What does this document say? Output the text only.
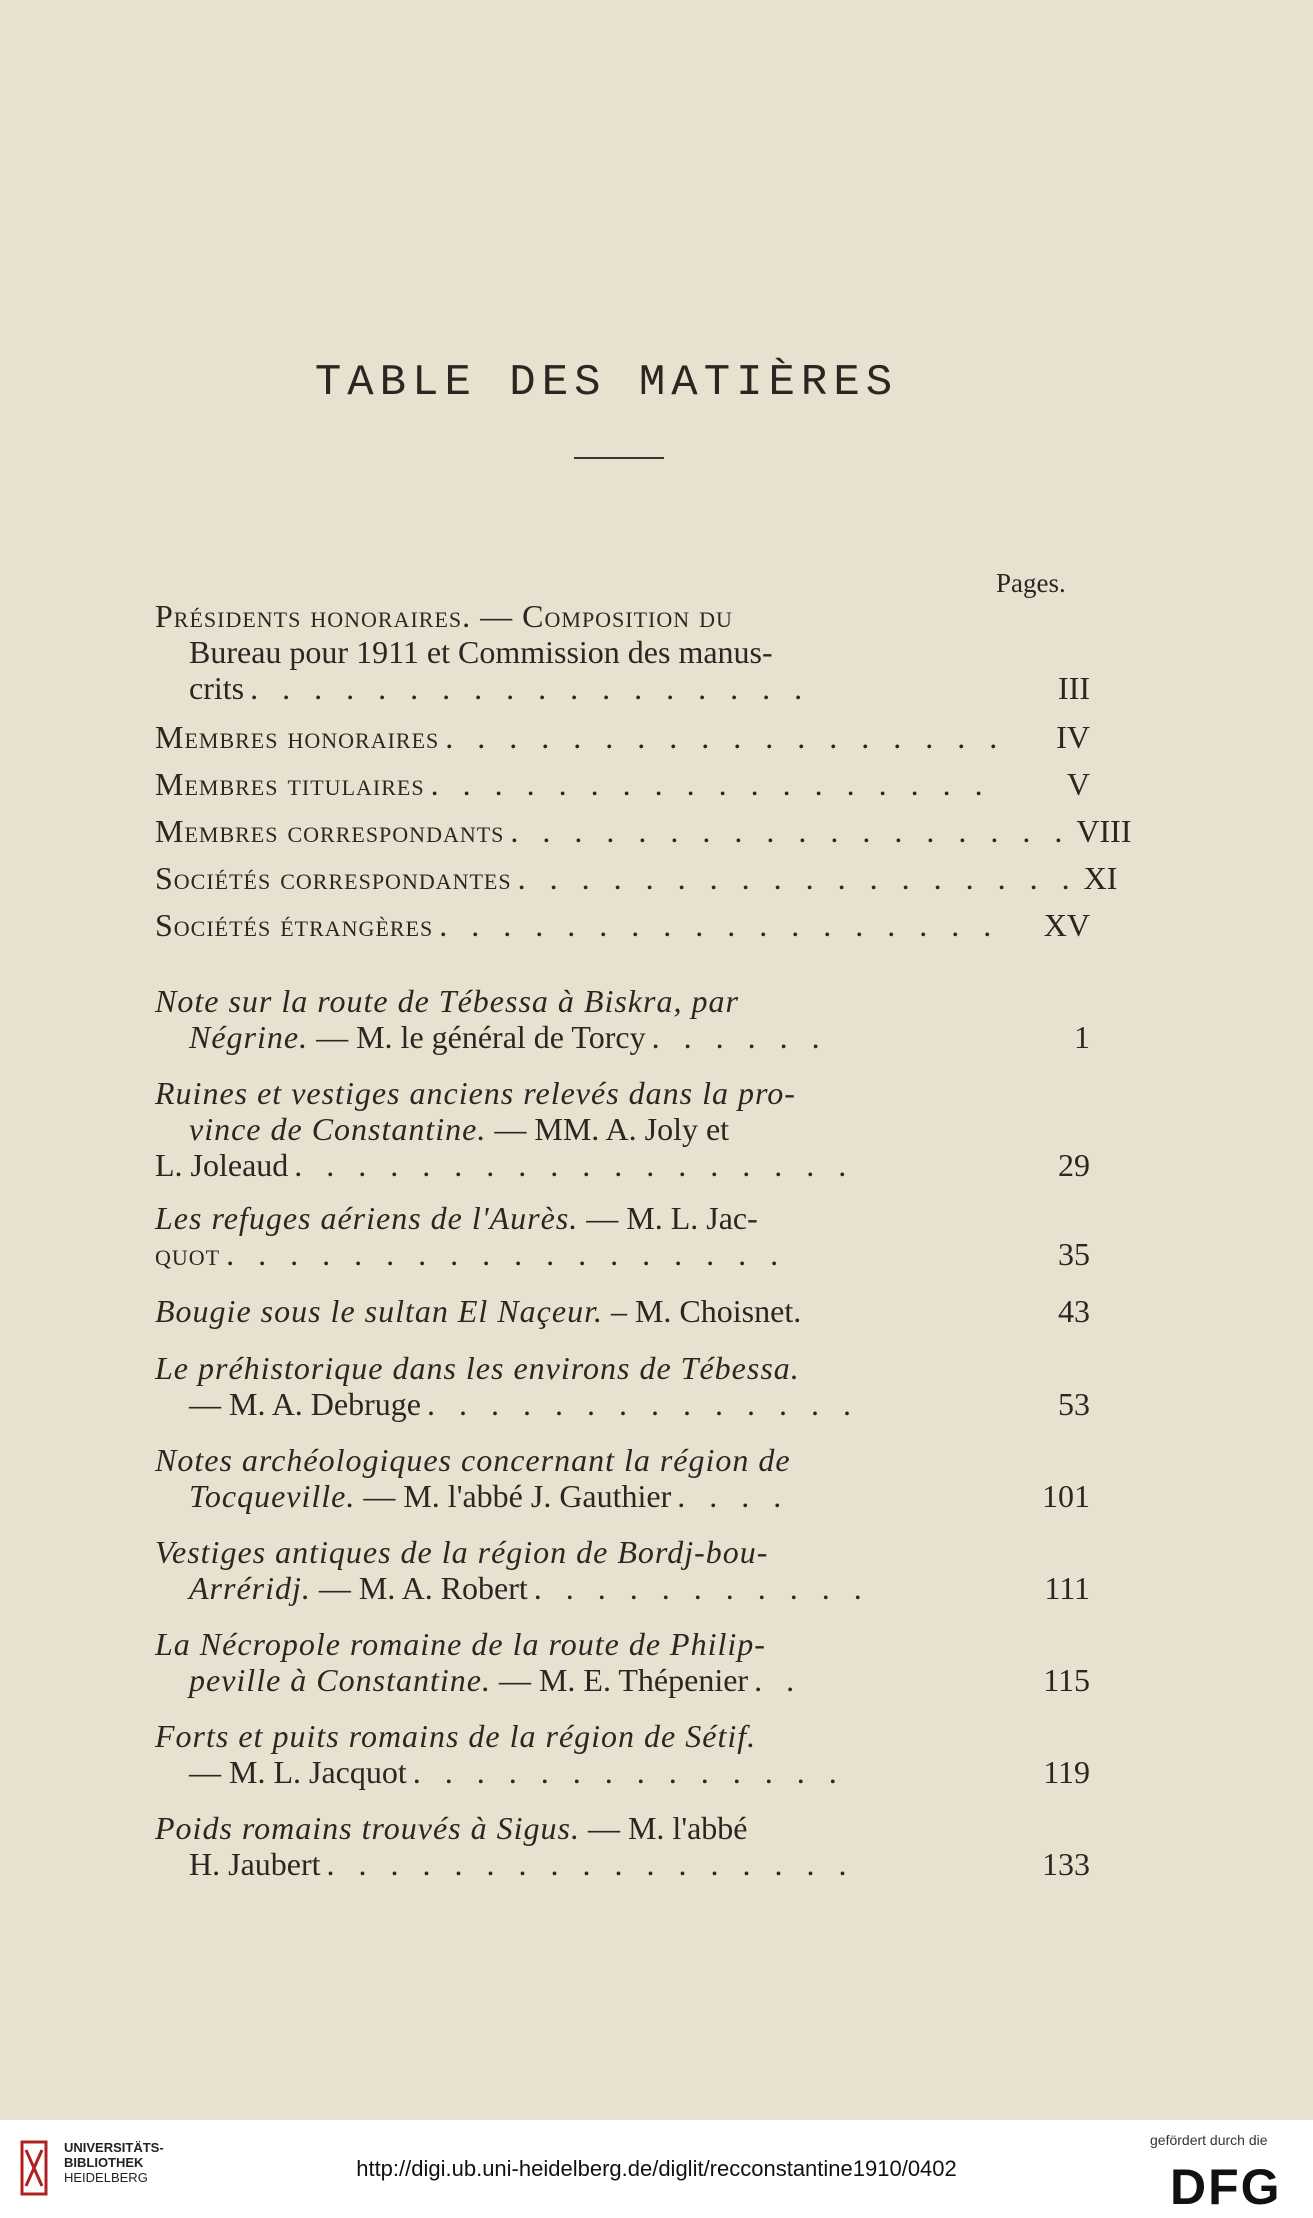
TABLE DES MATIÈRES
Pages.
Présidents honoraires. — Composition du
Bureau pour 1911 et Commission des manus-
crits . . . . . . . . . . . . . . . . . .	III
Membres honoraires . . . . . . . . . . . . . . . . . .	IV
Membres titulaires . . . . . . . . . . . . . . . . . .	V
Membres correspondants . . . . . . . . . . . . . . . . . . VIII
Sociétés correspondantes . . . . . . . . . . . . . . . . . . XI
Sociétés étrangères . . . . . . . . . . . . . . . . . .	XV
Note sur la route de Tébessa à Biskra, par
Négrine. — M. le général de Torcy . . . . . .	1
Ruines et vestiges anciens relevés dans la pro-
vince de Constantine. — MM. A. Joly et
L. Joleaud . . . . . . . . . . . . . . . . . .	29
Les refuges aériens de l'Aurès. — M. L. Jac-
quot . . . . . . . . . . . . . . . . . .	35
Bougie sous le sultan El Naçeur. – M. Choisnet.	43
Le préhistorique dans les environs de Tébessa.
— M. A. Debruge . . . . . . . . . . . . . .	53
Notes archéologiques concernant la région de
Tocqueville. — M. l'abbé J. Gauthier . . . .	101
Vestiges antiques de la région de Bordj-bou-
Arréridj. — M. A. Robert . . . . . . . . . . .	111
La Nécropole romaine de la route de Philip-
peville à Constantine. — M. E. Thépenier . .	115
Forts et puits romains de la région de Sétif.
— M. L. Jacquot . . . . . . . . . . . . . .	119
Poids romains trouvés à Sigus. — M. l'abbé
H. Jaubert . . . . . . . . . . . . . . . . .	133
UNIVERSITÄTS-
BIBLIOTHEK
HEIDELBERG	http://digi.ub.uni-heidelberg.de/diglit/recconstantine1910/0402
gefördert durch die
DFG
